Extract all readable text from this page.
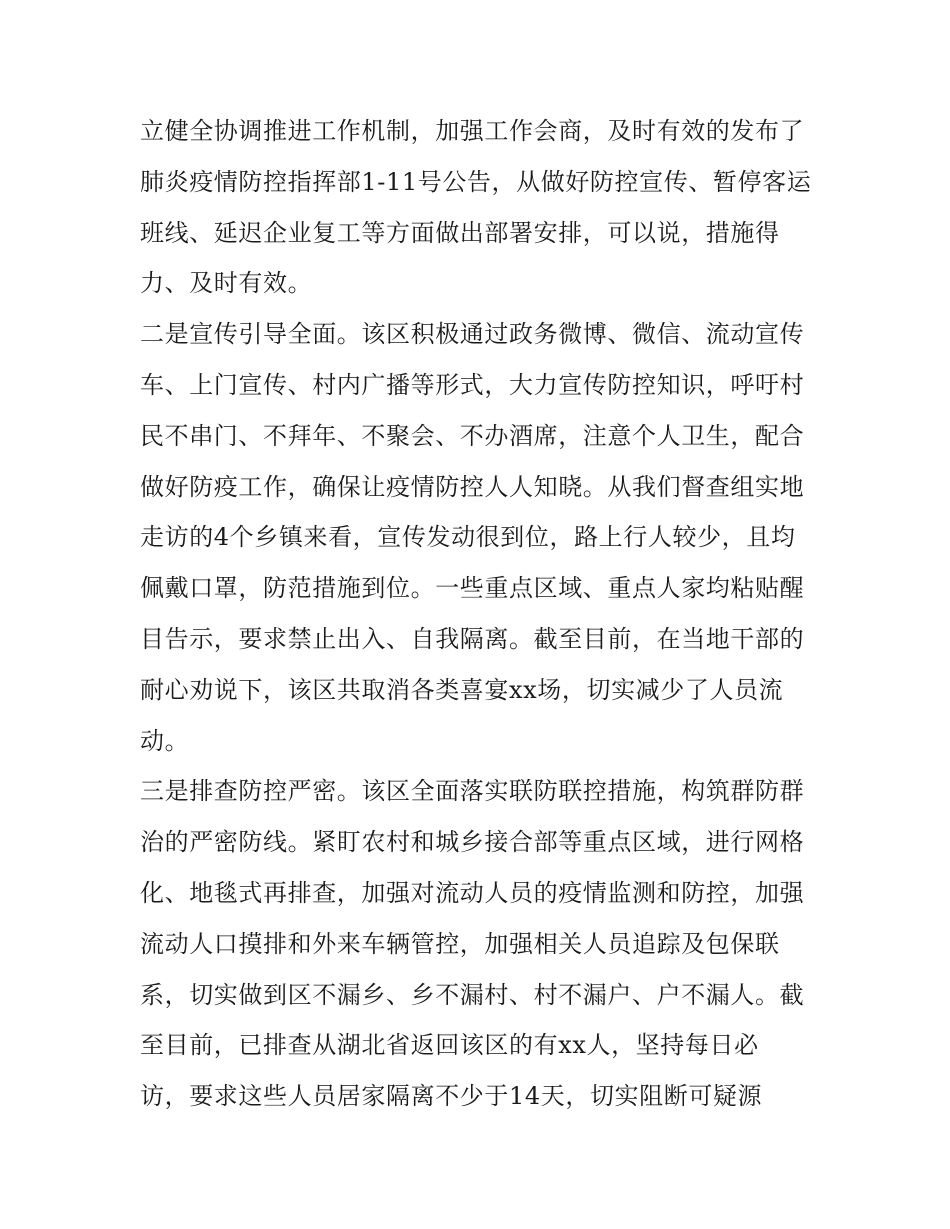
立健全协调推进工作机制，加强工作会商，及时有效的发布了
肺炎疫情防控指挥部1-11号公告，从做好防控宣传、暂停客运
班线、延迟企业复工等方面做出部署安排，可以说，措施得
力、及时有效。
二是宣传引导全面。该区积极通过政务微博、微信、流动宣传
车、上门宣传、村内广播等形式，大力宣传防控知识，呼吁村
民不串门、不拜年、不聚会、不办酒席，注意个人卫生，配合
做好防疫工作，确保让疫情防控人人知晓。从我们督查组实地
走访的4个乡镇来看，宣传发动很到位，路上行人较少，且均
佩戴口罩，防范措施到位。一些重点区域、重点人家均粘贴醒
目告示，要求禁止出入、自我隔离。截至目前，在当地干部的
耐心劝说下，该区共取消各类喜宴xx场，切实减少了人员流
动。
三是排查防控严密。该区全面落实联防联控措施，构筑群防群
治的严密防线。紧盯农村和城乡接合部等重点区域，进行网格
化、地毯式再排查，加强对流动人员的疫情监测和防控，加强
流动人口摸排和外来车辆管控，加强相关人员追踪及包保联
系，切实做到区不漏乡、乡不漏村、村不漏户、户不漏人。截
至目前，已排查从湖北省返回该区的有xx人，坚持每日必
访，要求这些人员居家隔离不少于14天，切实阻断可疑源
